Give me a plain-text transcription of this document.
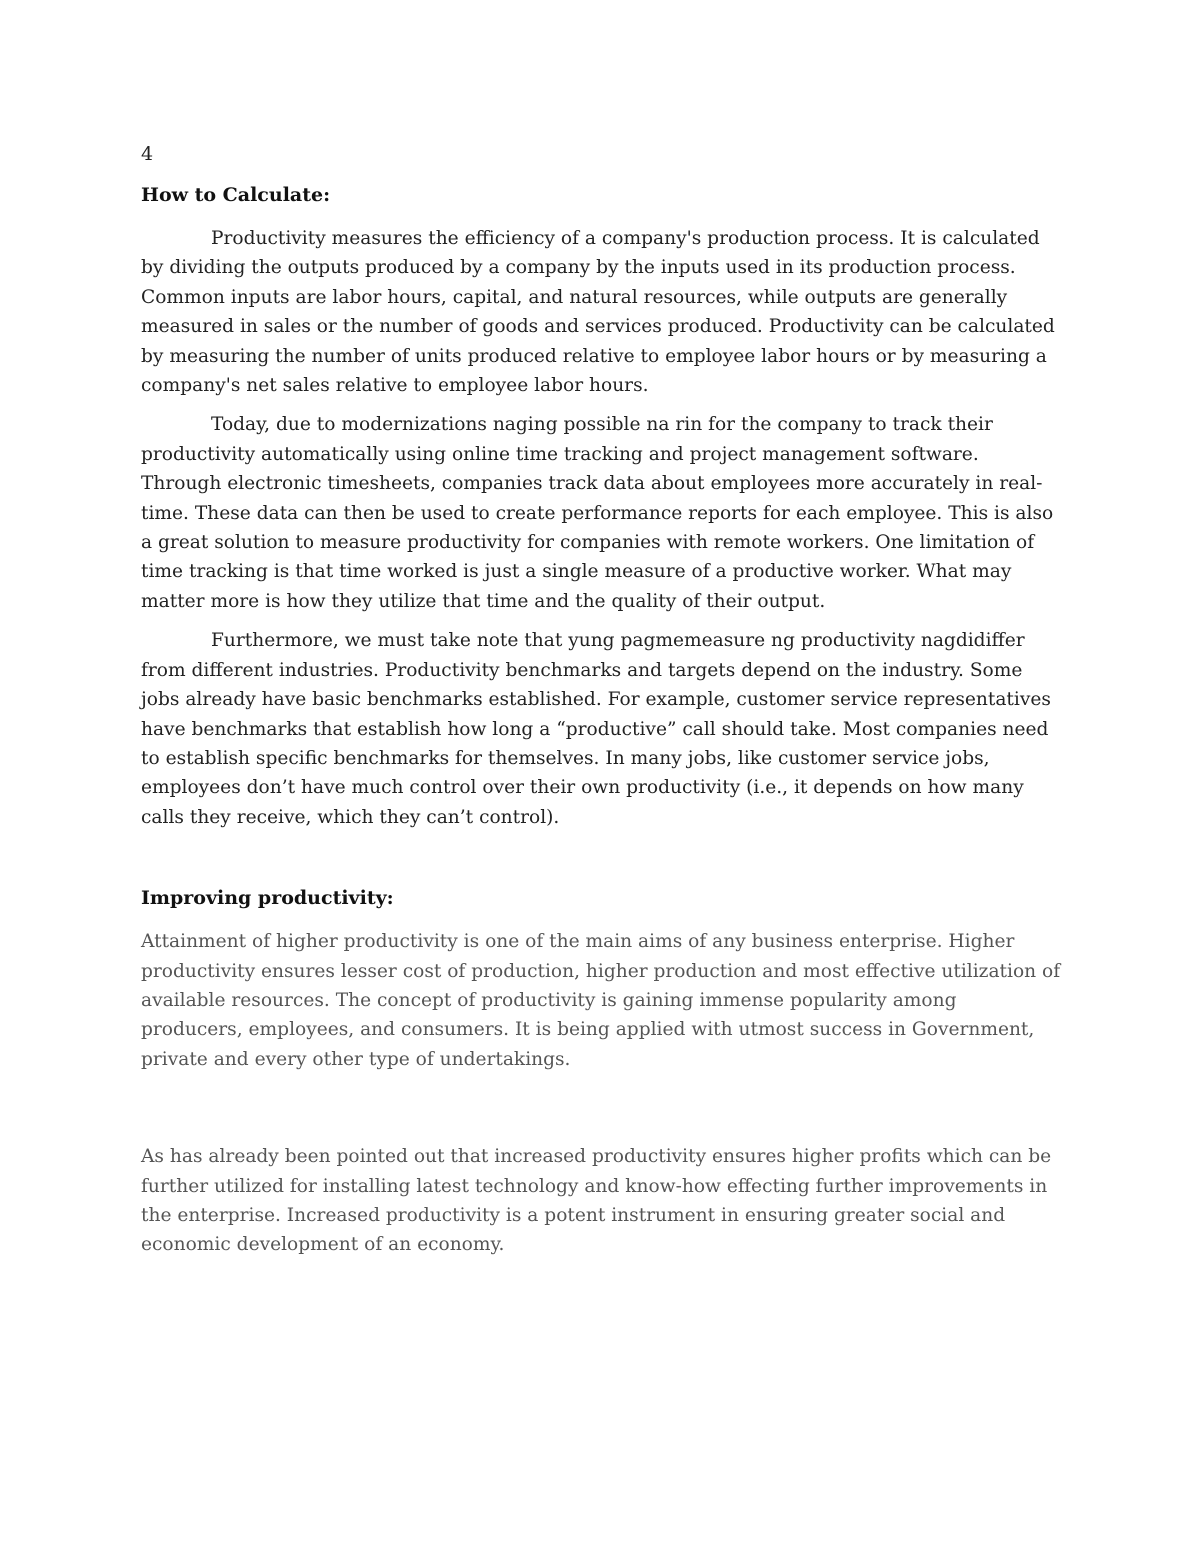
4
How to Calculate:

Productivity measures the efficiency of a company's production process. It is calculated by dividing the outputs produced by a company by the inputs used in its production process. Common inputs are labor hours, capital, and natural resources, while outputs are generally measured in sales or the number of goods and services produced. Productivity can be calculated by measuring the number of units produced relative to employee labor hours or by measuring a company's net sales relative to employee labor hours.

Today, due to modernizations naging possible na rin for the company to track their productivity automatically using online time tracking and project management software. Through electronic timesheets, companies track data about employees more accurately in real-time. These data can then be used to create performance reports for each employee. This is also a great solution to measure productivity for companies with remote workers. One limitation of time tracking is that time worked is just a single measure of a productive worker. What may matter more is how they utilize that time and the quality of their output.

Furthermore, we must take note that yung pagmemeasure ng productivity nagdidiffer from different industries. Productivity benchmarks and targets depend on the industry. Some jobs already have basic benchmarks established. For example, customer service representatives have benchmarks that establish how long a “productive” call should take. Most companies need to establish specific benchmarks for themselves. In many jobs, like customer service jobs, employees don’t have much control over their own productivity (i.e., it depends on how many calls they receive, which they can’t control).

Improving productivity:

Attainment of higher productivity is one of the main aims of any business enterprise. Higher productivity ensures lesser cost of production, higher production and most effective utilization of available resources. The concept of productivity is gaining immense popularity among producers, employees, and consumers. It is being applied with utmost success in Government, private and every other type of undertakings.

As has already been pointed out that increased productivity ensures higher profits which can be further utilized for installing latest technology and know-how effecting further improvements in the enterprise. Increased productivity is a potent instrument in ensuring greater social and economic development of an economy.
